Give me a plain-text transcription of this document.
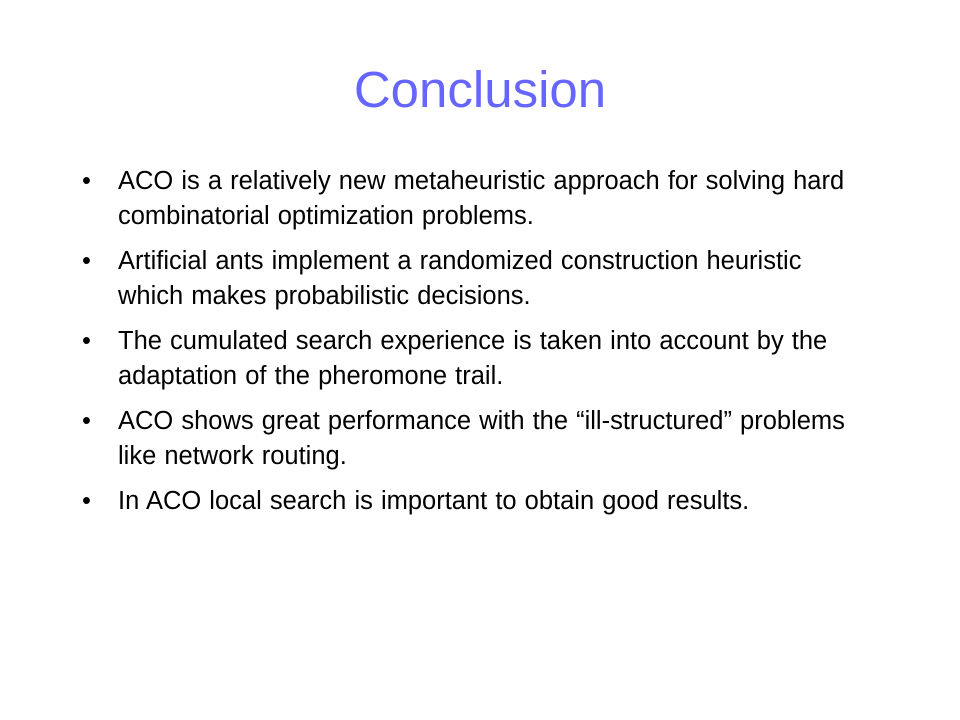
Conclusion
•	ACO is a relatively new metaheuristic approach for solving hard combinatorial optimization problems.
•	Artificial ants implement a randomized construction heuristic which makes probabilistic decisions.
•	The cumulated search experience is taken into account by the adaptation of the pheromone trail.
•	ACO shows great performance with the “ill-structured” problems like network routing.
•	In ACO local search is important to obtain good results.
